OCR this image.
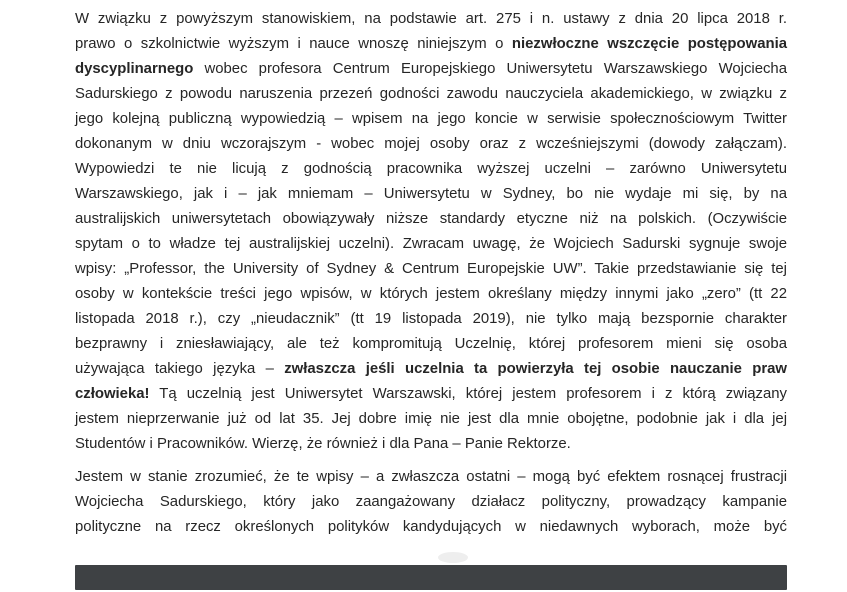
W związku z powyższym stanowiskiem, na podstawie art. 275 i n. ustawy z dnia 20 lipca 2018 r.
prawo o szkolnictwie wyższym i nauce wnoszę niniejszym o niezwłoczne wszczęcie postępowania
dyscyplinarnego wobec profesora Centrum Europejskiego Uniwersytetu Warszawskiego Wojciecha
Sadurskiego z powodu naruszenia przezeń godności zawodu nauczyciela akademickiego, w związku z
jego kolejną publiczną wypowiedzią – wpisem na jego koncie w serwisie społecznościowym Twitter
dokonanym w dniu wczorajszym - wobec mojej osoby oraz z wcześniejszymi (dowody załączam).
Wypowiedzi te nie licują z godnością pracownika wyższej uczelni – zarówno Uniwersytetu
Warszawskiego, jak i – jak mniemam – Uniwersytetu w Sydney, bo nie wydaje mi się, by na
australijskich uniwersytetach obowiązywały niższe standardy etyczne niż na polskich. (Oczywiście
spytam o to władze tej australijskiej uczelni). Zwracam uwagę, że Wojciech Sadurski sygnuje swoje
wpisy: „Professor, the University of Sydney & Centrum Europejskie UW”. Takie przedstawianie się tej
osoby w kontekście treści jego wpisów, w których jestem określany między innymi jako „zero” (tt 22
listopada 2018 r.), czy „nieudacznik” (tt 19 listopada 2019), nie tylko mają bezspornie charakter
bezprawny i zniesławiający, ale też kompromitują Uczelnię, której profesorem mieni się osoba
używająca takiego języka – zwłaszcza jeśli uczelnia ta powierzyła tej osobie nauczanie praw
człowieka! Tą uczelnią jest Uniwersytet Warszawski, której jestem profesorem i z którą związany
jestem nieprzerwanie już od lat 35. Jej dobre imię nie jest dla mnie obojętne, podobnie jak i dla jej
Studentów i Pracowników. Wierzę, że również i dla Pana – Panie Rektorze.

Jestem w stanie zrozumieć, że te wpisy – a zwłaszcza ostatni – mogą być efektem rosnącej frustracji
Wojciecha Sadurskiego, który jako zaangażowany działacz polityczny, prowadzący kampanie
polityczne na rzecz określonych polityków kandydujących w niedawnych wyborach, może być
